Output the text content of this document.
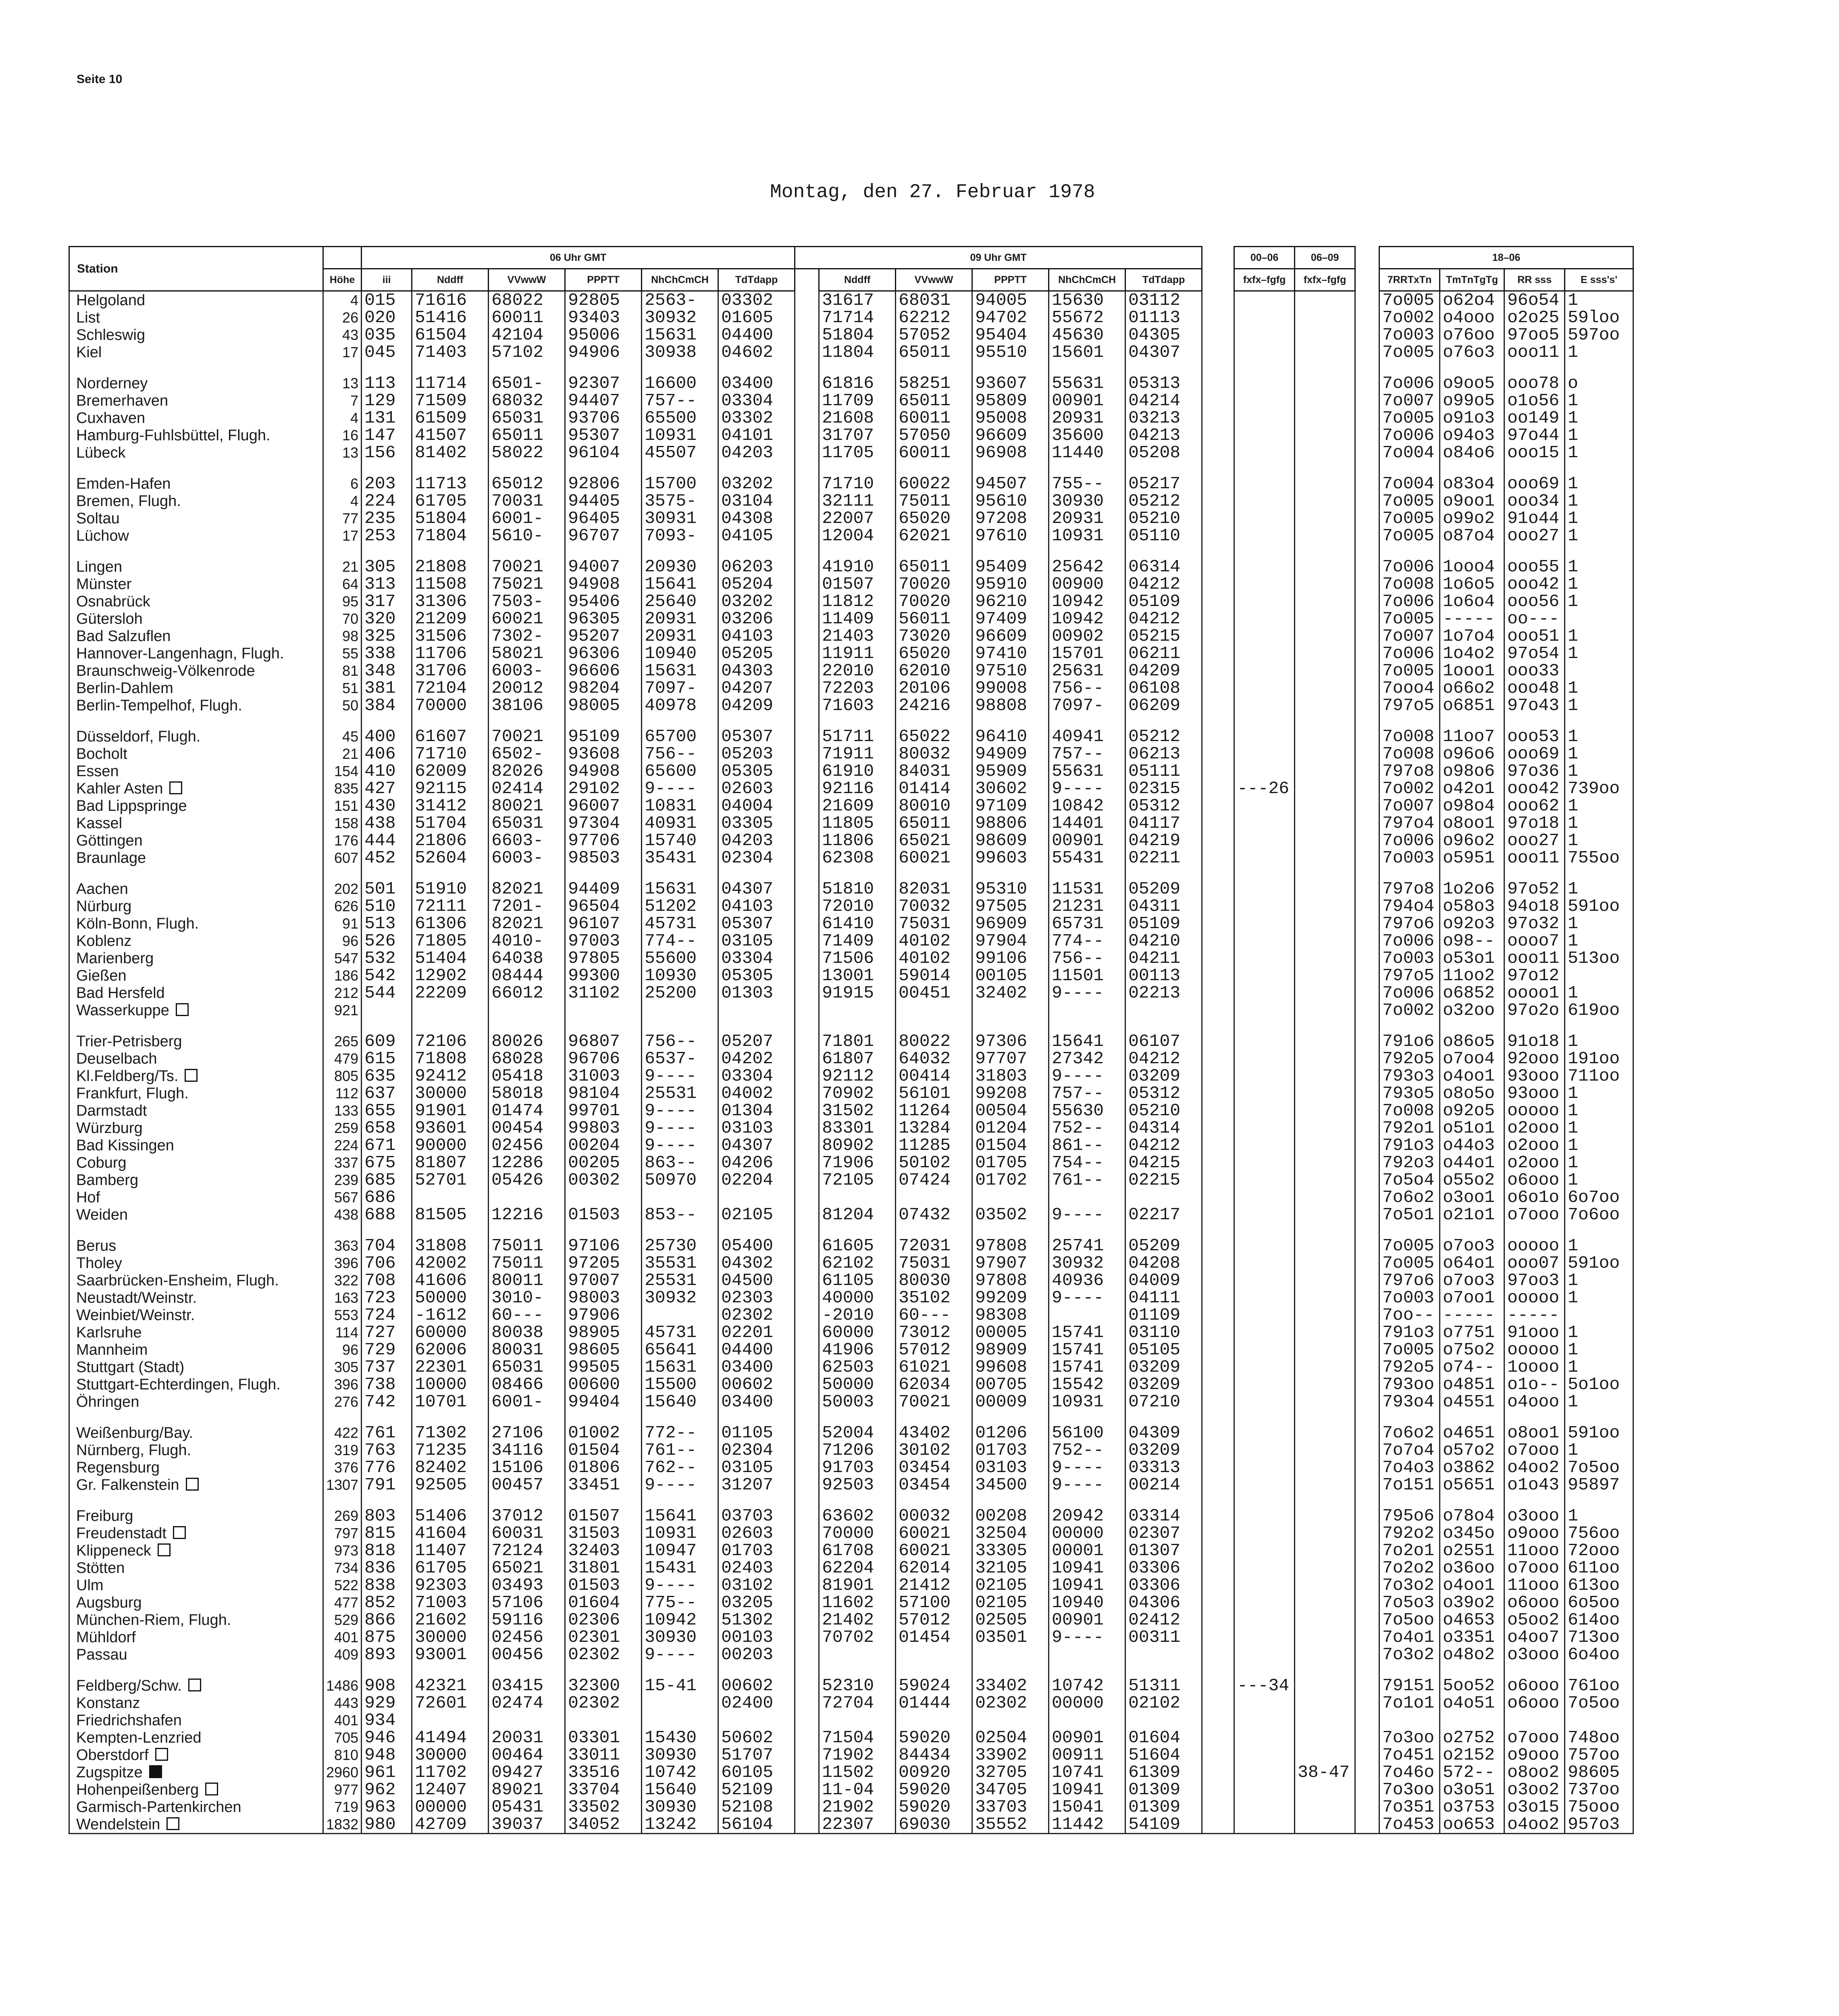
Seite 10
Montag, den 27. Februar 1978
Station		06 Uhr GMT						09 Uhr GMT							00–06	06–09		18–06			
	Höhe	iii	Nddff	VVwwW	PPPTT	NhChCmCH	TdTdapp		Nddff	VVwwW	PPPTT	NhChCmCH	TdTdapp		fxfx–fgfg	fxfx–fgfg		7RRTxTn	TmTnTgTg	RR sss	E sss's'
Helgoland	4	015	71616	68022	92805	2563-	03302		31617	68031	94005	15630	03112					7o005	o62o4	96o54	1
List	26	020	51416	60011	93403	30932	01605		71714	62212	94702	55672	01113					7o002	o4ooo	o2o25	59loo
Schleswig	43	035	61504	42104	95006	15631	04400		51804	57052	95404	45630	04305					7o003	o76oo	97oo5	597oo
Kiel	17	045	71403	57102	94906	30938	04602		11804	65011	95510	15601	04307					7o005	o76o3	ooo11	1

Norderney	13	113	11714	6501-	92307	16600	03400		61816	58251	93607	55631	05313					7o006	o9oo5	ooo78	o
Bremerhaven	7	129	71509	68032	94407	757--	03304		11709	65011	95809	00901	04214					7o007	o99o5	o1o56	1
Cuxhaven	4	131	61509	65031	93706	65500	03302		21608	60011	95008	20931	03213					7o005	o91o3	oo149	1
Hamburg-Fuhlsbüttel, Flugh.	16	147	41507	65011	95307	10931	04101		31707	57050	96609	35600	04213					7o006	o94o3	97o44	1
Lübeck	13	156	81402	58022	96104	45507	04203		11705	60011	96908	11440	05208					7o004	o84o6	ooo15	1

Emden-Hafen	6	203	11713	65012	92806	15700	03202		71710	60022	94507	755--	05217					7o004	o83o4	ooo69	1
Bremen, Flugh.	4	224	61705	70031	94405	3575-	03104		32111	75011	95610	30930	05212					7o005	o9oo1	ooo34	1
Soltau	77	235	51804	6001-	96405	30931	04308		22007	65020	97208	20931	05210					7o005	o99o2	91o44	1
Lüchow	17	253	71804	5610-	96707	7093-	04105		12004	62021	97610	10931	05110					7o005	o87o4	ooo27	1

Lingen	21	305	21808	70021	94007	20930	06203		41910	65011	95409	25642	06314					7o006	1ooo4	ooo55	1
Münster	64	313	11508	75021	94908	15641	05204		01507	70020	95910	00900	04212					7o008	1o6o5	ooo42	1
Osnabrück	95	317	31306	7503-	95406	25640	03202		11812	70020	96210	10942	05109					7o006	1o6o4	ooo56	1
Gütersloh	70	320	21209	60021	96305	20931	03206		11409	56011	97409	10942	04212					7o005	-----	oo---	
Bad Salzuflen	98	325	31506	7302-	95207	20931	04103		21403	73020	96609	00902	05215					7o007	1o7o4	ooo51	1
Hannover-Langenhagn, Flugh.	55	338	11706	58021	96306	10940	05205		11911	65020	97410	15701	06211					7o006	1o4o2	97o54	1
Braunschweig-Völkenrode	81	348	31706	6003-	96606	15631	04303		22010	62010	97510	25631	04209					7o005	1ooo1	ooo33	
Berlin-Dahlem	51	381	72104	20012	98204	7097-	04207		72203	20106	99008	756--	06108					7ooo4	o66o2	ooo48	1
Berlin-Tempelhof, Flugh.	50	384	70000	38106	98005	40978	04209		71603	24216	98808	7097-	06209					797o5	o6851	97o43	1

Düsseldorf, Flugh.	45	400	61607	70021	95109	65700	05307		51711	65022	96410	40941	05212					7o008	11oo7	ooo53	1
Bocholt	21	406	71710	6502-	93608	756--	05203		71911	80032	94909	757--	06213					7o008	o96o6	ooo69	1
Essen	154	410	62009	82026	94908	65600	05305		61910	84031	95909	55631	05111					797o8	o98o6	97o36	1
Kahler Asten	835	427	92115	02414	29102	9----	02603		92116	01414	30602	9----	02315		---26			7o002	o42o1	ooo42	739oo
Bad Lippspringe	151	430	31412	80021	96007	10831	04004		21609	80010	97109	10842	05312					7o007	o98o4	ooo62	1
Kassel	158	438	51704	65031	97304	40931	03305		11805	65011	98806	14401	04117					797o4	o8oo1	97o18	1
Göttingen	176	444	21806	6603-	97706	15740	04203		11806	65021	98609	00901	04219					7o006	o96o2	ooo27	1
Braunlage	607	452	52604	6003-	98503	35431	02304		62308	60021	99603	55431	02211					7o003	o5951	ooo11	755oo

Aachen	202	501	51910	82021	94409	15631	04307		51810	82031	95310	11531	05209					797o8	1o2o6	97o52	1
Nürburg	626	510	72111	7201-	96504	51202	04103		72010	70032	97505	21231	04311					794o4	o58o3	94o18	591oo
Köln-Bonn, Flugh.	91	513	61306	82021	96107	45731	05307		61410	75031	96909	65731	05109					797o6	o92o3	97o32	1
Koblenz	96	526	71805	4010-	97003	774--	03105		71409	40102	97904	774--	04210					7o006	o98--	oooo7	1
Marienberg	547	532	51404	64038	97805	55600	03304		71506	40102	99106	756--	04211					7o003	o53o1	ooo11	513oo
Gießen	186	542	12902	08444	99300	10930	05305		13001	59014	00105	11501	00113					797o5	11oo2	97o12	
Bad Hersfeld	212	544	22209	66012	31102	25200	01303		91915	00451	32402	9----	02213					7o006	o6852	oooo1	1
Wasserkuppe	921																	7o002	o32oo	97o2o	619oo

Trier-Petrisberg	265	609	72106	80026	96807	756--	05207		71801	80022	97306	15641	06107					791o6	o86o5	91o18	1
Deuselbach	479	615	71808	68028	96706	6537-	04202		61807	64032	97707	27342	04212					792o5	o7oo4	92ooo	191oo
Kl.Feldberg/Ts.	805	635	92412	05418	31003	9----	03304		92112	00414	31803	9----	03209					793o3	o4oo1	93ooo	711oo
Frankfurt, Flugh.	112	637	30000	58018	98104	25531	04002		70902	56101	99208	757--	05312					793o5	o8o5o	93ooo	1
Darmstadt	133	655	91901	01474	99701	9----	01304		31502	11264	00504	55630	05210					7o008	o92o5	ooooo	1
Würzburg	259	658	93601	00454	99803	9----	03103		83301	13284	01204	752--	04314					792o1	o51o1	o2ooo	1
Bad Kissingen	224	671	90000	02456	00204	9----	04307		80902	11285	01504	861--	04212					791o3	o44o3	o2ooo	1
Coburg	337	675	81807	12286	00205	863--	04206		71906	50102	01705	754--	04215					792o3	o44o1	o2ooo	1
Bamberg	239	685	52701	05426	00302	50970	02204		72105	07424	01702	761--	02215					7o5o4	o55o2	o6ooo	1
Hof	567	686																7o6o2	o3oo1	o6o1o	6o7oo
Weiden	438	688	81505	12216	01503	853--	02105		81204	07432	03502	9----	02217					7o5o1	o21o1	o7ooo	7o6oo

Berus	363	704	31808	75011	97106	25730	05400		61605	72031	97808	25741	05209					7o005	o7oo3	ooooo	1
Tholey	396	706	42002	75011	97205	35531	04302		62102	75031	97907	30932	04208					7o005	o64o1	ooo07	591oo
Saarbrücken-Ensheim, Flugh.	322	708	41606	80011	97007	25531	04500		61105	80030	97808	40936	04009					797o6	o7oo3	97oo3	1
Neustadt/Weinstr.	163	723	50000	3010-	98003	30932	02303		40000	35102	99209	9----	04111					7o003	o7oo1	ooooo	1
Weinbiet/Weinstr.	553	724	-1612	60---	97906		02302		-2010	60---	98308		01109					7oo--	-----	-----	
Karlsruhe	114	727	60000	80038	98905	45731	02201		60000	73012	00005	15741	03110					791o3	o7751	91ooo	1
Mannheim	96	729	62006	80031	98605	65641	04400		41906	57012	98909	15741	05105					7o005	o75o2	ooooo	1
Stuttgart (Stadt)	305	737	22301	65031	99505	15631	03400		62503	61021	99608	15741	03209					792o5	o74--	1oooo	1
Stuttgart-Echterdingen, Flugh.	396	738	10000	08466	00600	15500	00602		50000	62034	00705	15542	03209					793oo	o4851	o1o--	5o1oo
Öhringen	276	742	10701	6001-	99404	15640	03400		50003	70021	00009	10931	07210					793o4	o4551	o4ooo	1

Weißenburg/Bay.	422	761	71302	27106	01002	772--	01105		52004	43402	01206	56100	04309					7o6o2	o4651	o8oo1	591oo
Nürnberg, Flugh.	319	763	71235	34116	01504	761--	02304		71206	30102	01703	752--	03209					7o7o4	o57o2	o7ooo	1
Regensburg	376	776	82402	15106	01806	762--	03105		91703	03454	03103	9----	03313					7o4o3	o3862	o4oo2	7o5oo
Gr. Falkenstein	1307	791	92505	00457	33451	9----	31207		92503	03454	34500	9----	00214					7o151	o5651	o1o43	95897

Freiburg	269	803	51406	37012	01507	15641	03703		63602	00032	00208	20942	03314					795o6	o78o4	o3ooo	1
Freudenstadt	797	815	41604	60031	31503	10931	02603		70000	60021	32504	00000	02307					792o2	o345o	o9ooo	756oo
Klippeneck	973	818	11407	72124	32403	10947	01703		61708	60021	33305	00001	01307					7o2o1	o2551	11ooo	72ooo
Stötten	734	836	61705	65021	31801	15431	02403		62204	62014	32105	10941	03306					7o2o2	o36oo	o7ooo	611oo
Ulm	522	838	92303	03493	01503	9----	03102		81901	21412	02105	10941	03306					7o3o2	o4oo1	11ooo	613oo
Augsburg	477	852	71003	57106	01604	775--	03205		11602	57100	02105	10940	04306					7o5o3	o39o2	o6ooo	6o5oo
München-Riem, Flugh.	529	866	21602	59116	02306	10942	51302		21402	57012	02505	00901	02412					7o5oo	o4653	o5oo2	614oo
Mühldorf	401	875	30000	02456	02301	30930	00103		70702	01454	03501	9----	00311					7o4o1	o3351	o4oo7	713oo
Passau	409	893	93001	00456	02302	9----	00203											7o3o2	o48o2	o3ooo	6o4oo

Feldberg/Schw.	1486	908	42321	03415	32300	15-41	00602		52310	59024	33402	10742	51311		---34			79151	5oo52	o6ooo	761oo
Konstanz	443	929	72601	02474	02302		02400		72704	01444	02302	00000	02102					7o1o1	o4o51	o6ooo	7o5oo
Friedrichshafen	401	934																			
Kempten-Lenzried	705	946	41494	20031	03301	15430	50602		71504	59020	02504	00901	01604					7o3oo	o2752	o7ooo	748oo
Oberstdorf	810	948	30000	00464	33011	30930	51707		71902	84434	33902	00911	51604					7o451	o2152	o9ooo	757oo
Zugspitze	2960	961	11702	09427	33516	10742	60105		11502	00920	32705	10741	61309			38-47		7o46o	572--	o8oo2	98605
Hohenpeißenberg	977	962	12407	89021	33704	15640	52109		11-04	59020	34705	10941	01309					7o3oo	o3o51	o3oo2	737oo
Garmisch-Partenkirchen	719	963	00000	05431	33502	30930	52108		21902	59020	33703	15041	01309					7o351	o3753	o3o15	75ooo
Wendelstein	1832	980	42709	39037	34052	13242	56104		22307	69030	35552	11442	54109					7o453	oo653	o4oo2	957o3
